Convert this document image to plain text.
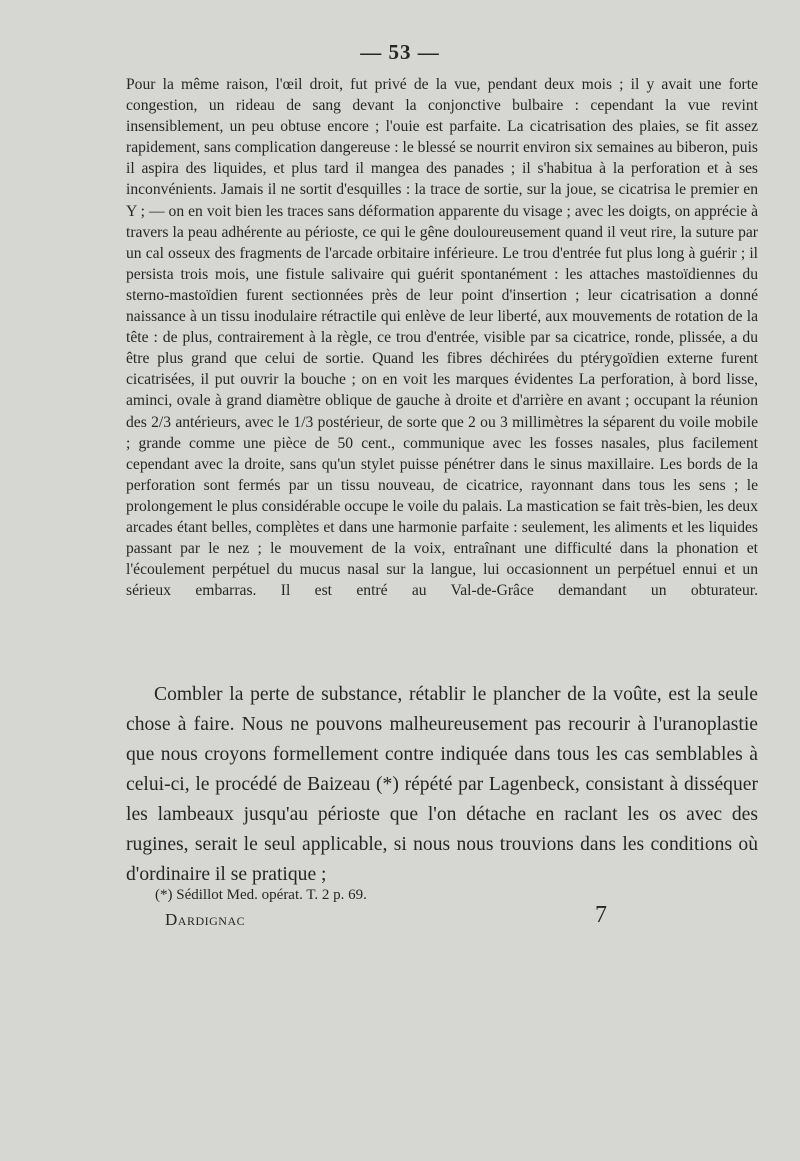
— 53 —

Pour la même raison, l'œil droit, fut privé de la vue, pendant deux mois ; il y avait une forte congestion, un rideau de sang devant la conjonctive bulbaire : cependant la vue revint insensiblement, un peu obtuse encore ; l'ouie est parfaite. La cicatrisation des plaies, se fit assez rapidement, sans complication dangereuse : le blessé se nourrit environ six semaines au biberon, puis il aspira des liquides, et plus tard il mangea des panades ; il s'habitua à la perforation et à ses inconvénients. Jamais il ne sortit d'esquilles : la trace de sortie, sur la joue, se cicatrisa le premier en Y ; — on en voit bien les traces sans déformation apparente du visage ; avec les doigts, on apprécie à travers la peau adhérente au périoste, ce qui le gêne douloureusement quand il veut rire, la suture par un cal osseux des fragments de l'arcade orbitaire inférieure. Le trou d'entrée fut plus long à guérir ; il persista trois mois, une fistule salivaire qui guérit spontanément : les attaches mastoïdiennes du sterno-mastoïdien furent sectionnées près de leur point d'insertion ; leur cicatrisation a donné naissance à un tissu inodulaire rétractile qui enlève de leur liberté, aux mouvements de rotation de la tête : de plus, contrairement à la règle, ce trou d'entrée, visible par sa cicatrice, ronde, plissée, a du être plus grand que celui de sortie. Quand les fibres déchirées du ptérygoïdien externe furent cicatrisées, il put ouvrir la bouche ; on en voit les marques évidentes La perforation, à bord lisse, aminci, ovale à grand diamètre oblique de gauche à droite et d'arrière en avant ; occupant la réunion des 2/3 antérieurs, avec le 1/3 postérieur, de sorte que 2 ou 3 millimètres la séparent du voile mobile ; grande comme une pièce de 50 cent., communique avec les fosses nasales, plus facilement cependant avec la droite, sans qu'un stylet puisse pénétrer dans le sinus maxillaire. Les bords de la perforation sont fermés par un tissu nouveau, de cicatrice, rayonnant dans tous les sens ; le prolongement le plus considérable occupe le voile du palais. La mastication se fait très-bien, les deux arcades étant belles, complètes et dans une harmonie parfaite : seulement, les aliments et les liquides passant par le nez ; le mouvement de la voix, entraînant une difficulté dans la phonation et l'écoulement perpétuel du mucus nasal sur la langue, lui occasionnent un perpétuel ennui et un sérieux embarras. Il est entré au Val-de-Grâce demandant un obturateur.

Combler la perte de substance, rétablir le plancher de la voûte, est la seule chose à faire. Nous ne pouvons malheureusement pas recourir à l'uranoplastie que nous croyons formellement contre indiquée dans tous les cas semblables à celui-ci, le procédé de Baizeau (*) répété par Lagenbeck, consistant à disséquer les lambeaux jusqu'au périoste que l'on détache en raclant les os avec des rugines, serait le seul applicable, si nous nous trouvions dans les conditions où d'ordinaire il se pratique ;

(*) Sédillot Med. opérat. T. 2 p. 69.
Dardignac	7
